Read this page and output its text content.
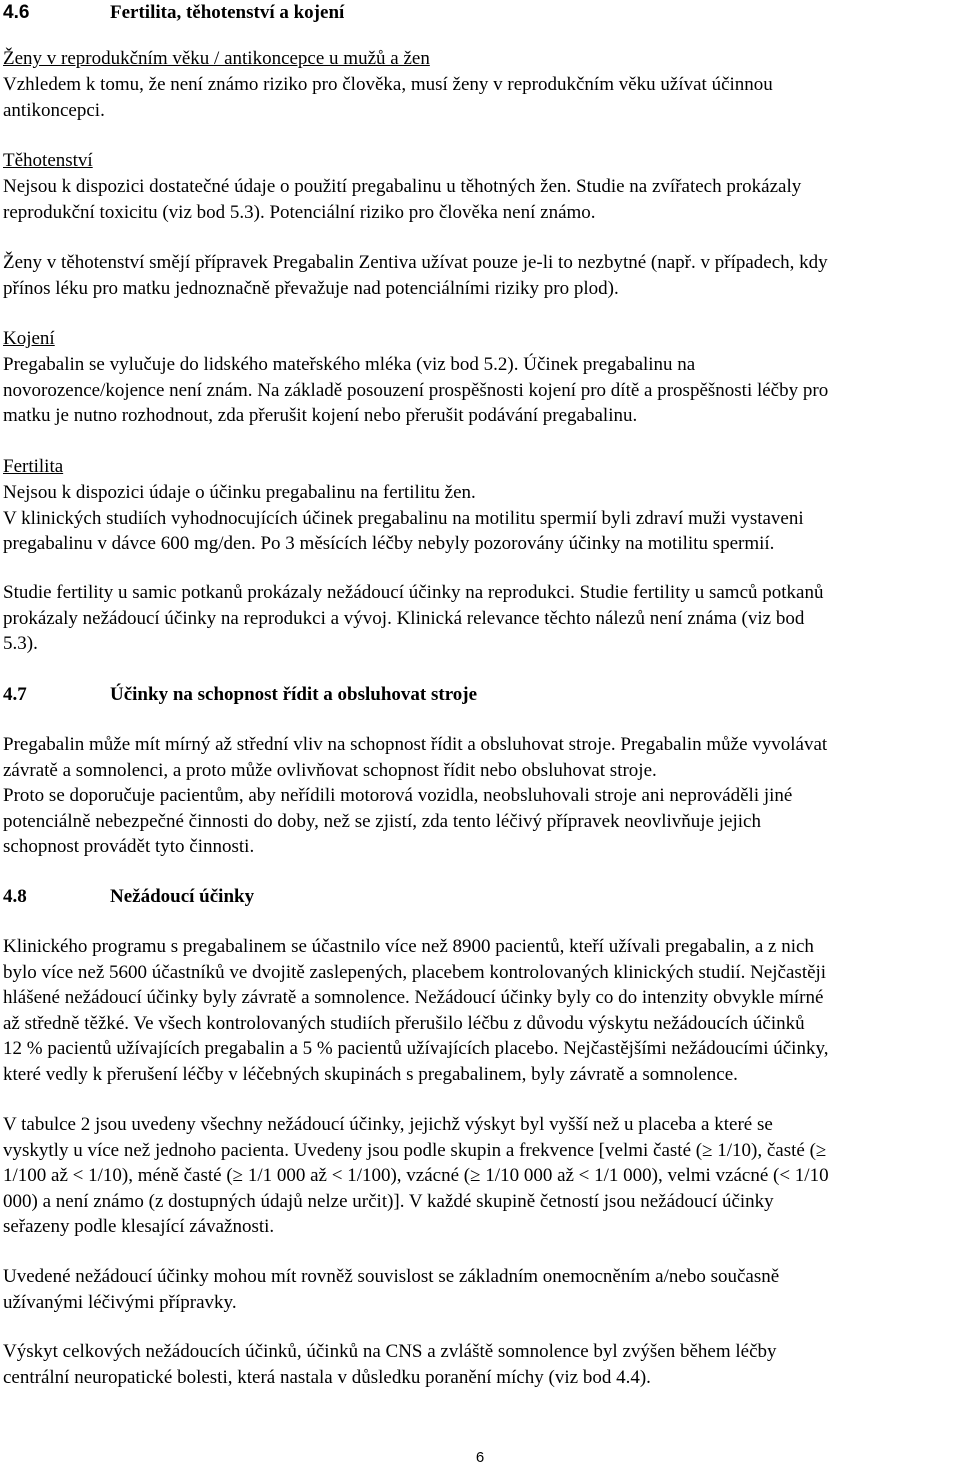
4.6	Fertilita, těhotenství a kojení
Ženy v reprodukčním věku / antikoncepce u mužů a žen

Vzhledem k tomu, že není známo riziko pro člověka, musí ženy v reprodukčním věku užívat účinnou
antikoncepci.

Těhotenství

Nejsou k dispozici dostatečné údaje o použití pregabalinu u těhotných žen. Studie na zvířatech prokázaly
reprodukční toxicitu (viz bod 5.3). Potenciální riziko pro člověka není známo.

Ženy v těhotenství smějí přípravek Pregabalin Zentiva užívat pouze je-li to nezbytné (např. v případech, kdy
přínos léku pro matku jednoznačně převažuje nad potenciálními riziky pro plod).

Kojení

Pregabalin se vylučuje do lidského mateřského mléka (viz bod 5.2). Účinek pregabalinu na
novorozence/kojence není znám. Na základě posouzení prospěšnosti kojení pro dítě a prospěšnosti léčby pro
matku je nutno rozhodnout, zda přerušit kojení nebo přerušit podávání pregabalinu.

Fertilita

Nejsou k dispozici údaje o účinku pregabalinu na fertilitu žen.
V klinických studiích vyhodnocujících účinek pregabalinu na motilitu spermií byli zdraví muži vystaveni
pregabalinu v dávce 600 mg/den. Po 3 měsících léčby nebyly pozorovány účinky na motilitu spermií.

Studie fertility u samic potkanů prokázaly nežádoucí účinky na reprodukci. Studie fertility u samců potkanů
prokázaly nežádoucí účinky na reprodukci a vývoj. Klinická relevance těchto nálezů není známa (viz bod
5.3).

4.7	Účinky na schopnost řídit a obsluhovat stroje

Pregabalin může mít mírný až střední vliv na schopnost řídit a obsluhovat stroje. Pregabalin může vyvolávat
závratě a somnolenci, a proto může ovlivňovat schopnost řídit nebo obsluhovat stroje.
Proto se doporučuje pacientům, aby neřídili motorová vozidla, neobsluhovali stroje ani neprováděli jiné
potenciálně nebezpečné činnosti do doby, než se zjistí, zda tento léčivý přípravek neovlivňuje jejich
schopnost provádět tyto činnosti.

4.8	Nežádoucí účinky

Klinického programu s pregabalinem se účastnilo více než 8900 pacientů, kteří užívali pregabalin, a z nich
bylo více než 5600 účastníků ve dvojitě zaslepených, placebem kontrolovaných klinických studií. Nejčastěji
hlášené nežádoucí účinky byly závratě a somnolence. Nežádoucí účinky byly co do intenzity obvykle mírné
až středně těžké. Ve všech kontrolovaných studiích přerušilo léčbu z důvodu výskytu nežádoucích účinků
12 % pacientů užívajících pregabalin a 5 % pacientů užívajících placebo. Nejčastějšími nežádoucími účinky,
které vedly k přerušení léčby v léčebných skupinách s pregabalinem, byly závratě a somnolence.

V tabulce 2 jsou uvedeny všechny nežádoucí účinky, jejichž výskyt byl vyšší než u placeba a které se
vyskytly u více než jednoho pacienta. Uvedeny jsou podle skupin a frekvence [velmi časté (≥ 1/10), časté (≥
1/100 až < 1/10), méně časté (≥ 1/1 000 až < 1/100), vzácné (≥ 1/10 000 až < 1/1 000), velmi vzácné (< 1/10
000) a není známo (z dostupných údajů nelze určit)]. V každé skupině četností jsou nežádoucí účinky
seřazeny podle klesající závažnosti.

Uvedené nežádoucí účinky mohou mít rovněž souvislost se základním onemocněním a/nebo současně
užívanými léčivými přípravky.

Výskyt celkových nežádoucích účinků, účinků na CNS a zvláště somnolence byl zvýšen během léčby
centrální neuropatické bolesti, která nastala v důsledku poranění míchy (viz bod 4.4).

6
